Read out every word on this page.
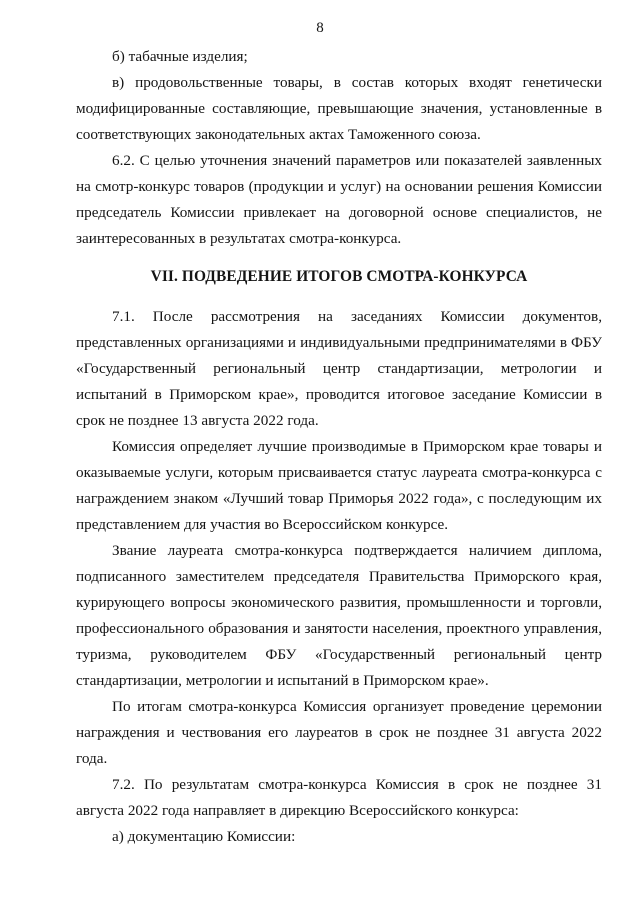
8

б) табачные изделия;

в) продовольственные товары, в состав которых входят генетически модифицированные составляющие, превышающие значения, установленные в соответствующих законодательных актах Таможенного союза.

6.2. С целью уточнения значений параметров или показателей заявленных на смотр-конкурс товаров (продукции и услуг) на основании решения Комиссии председатель Комиссии привлекает на договорной основе специалистов, не заинтересованных в результатах смотра-конкурса.

VII. ПОДВЕДЕНИЕ ИТОГОВ СМОТРА-КОНКУРСА

7.1. После рассмотрения на заседаниях Комиссии документов, представленных организациями и индивидуальными предпринимателями в ФБУ «Государственный региональный центр стандартизации, метрологии и испытаний в Приморском крае», проводится итоговое заседание Комиссии в срок не позднее 13 августа 2022 года.

Комиссия определяет лучшие производимые в Приморском крае товары и оказываемые услуги, которым присваивается статус лауреата смотра-конкурса с награждением знаком «Лучший товар Приморья 2022 года», с последующим их представлением для участия во Всероссийском конкурсе.

Звание лауреата смотра-конкурса подтверждается наличием диплома, подписанного заместителем председателя Правительства Приморского края, курирующего вопросы экономического развития, промышленности и торговли, профессионального образования и занятости населения, проектного управления, туризма, руководителем ФБУ «Государственный региональный центр стандартизации, метрологии и испытаний в Приморском крае».

По итогам смотра-конкурса Комиссия организует проведение церемонии награждения и чествования его лауреатов в срок не позднее 31 августа 2022 года.

7.2. По результатам смотра-конкурса Комиссия в срок не позднее 31 августа 2022 года направляет в дирекцию Всероссийского конкурса:

а) документацию Комиссии:
